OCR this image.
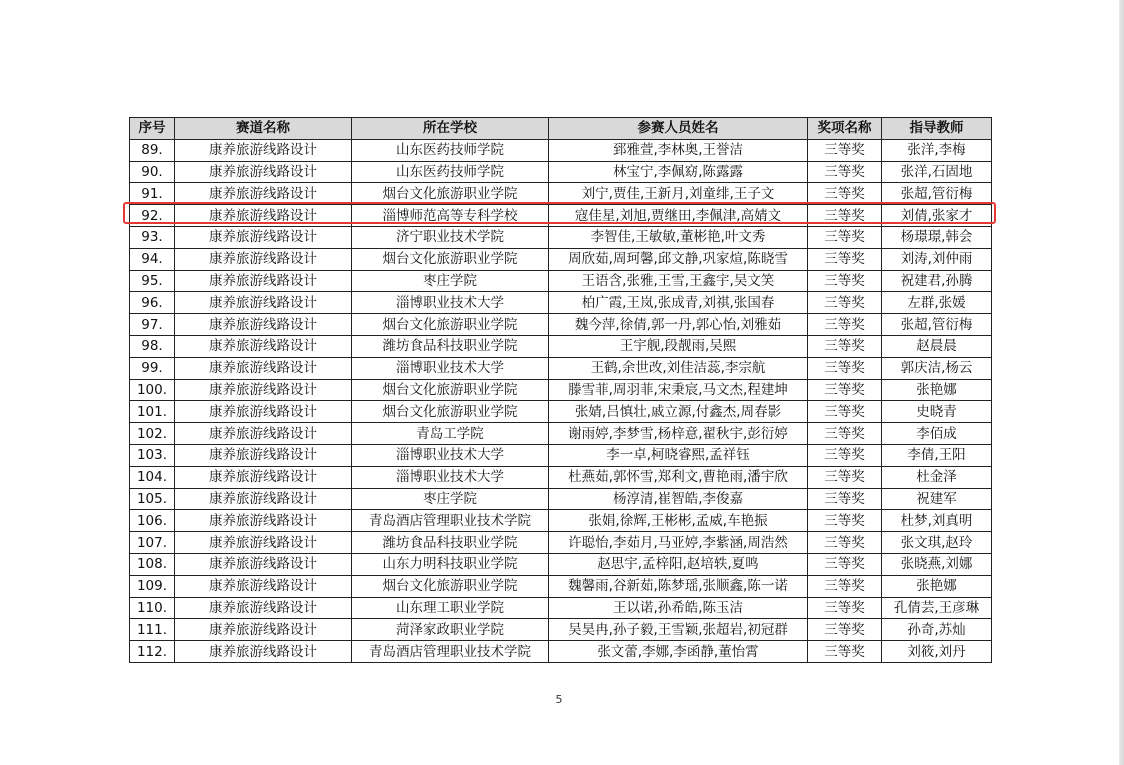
序号	赛道名称	所在学校	参赛人员姓名	奖项名称	指导教师
89.	康养旅游线路设计	山东医药技师学院	郅雅萱,李林奥,王誉洁	三等奖	张洋,李梅
90.	康养旅游线路设计	山东医药技师学院	林宝宁,李佩窈,陈露露	三等奖	张洋,石固地
91.	康养旅游线路设计	烟台文化旅游职业学院	刘宁,贾佳,王新月,刘童绯,王子文	三等奖	张超,管衍梅
92.	康养旅游线路设计	淄博师范高等专科学校	寇佳星,刘旭,贾继田,李佩津,高婧文	三等奖	刘倩,张家才
93.	康养旅游线路设计	济宁职业技术学院	李智佳,王敏敏,董彬艳,叶文秀	三等奖	杨璟璟,韩会
94.	康养旅游线路设计	烟台文化旅游职业学院	周欣茹,周珂馨,邱文静,巩家煊,陈晓雪	三等奖	刘涛,刘仲雨
95.	康养旅游线路设计	枣庄学院	王语含,张雅,王雪,王鑫宇,吴文笑	三等奖	祝建君,孙腾
96.	康养旅游线路设计	淄博职业技术大学	柏广霞,王岚,张成青,刘祺,张国春	三等奖	左群,张媛
97.	康养旅游线路设计	烟台文化旅游职业学院	魏今萍,徐倩,郭一丹,郭心怡,刘雅茹	三等奖	张超,管衍梅
98.	康养旅游线路设计	潍坊食品科技职业学院	王宇舰,段靓雨,吴熙	三等奖	赵晨晨
99.	康养旅游线路设计	淄博职业技术大学	王鹤,余世改,刘佳洁蕊,李宗航	三等奖	郭庆洁,杨云
100.	康养旅游线路设计	烟台文化旅游职业学院	滕雪菲,周羽菲,宋秉宸,马文杰,程建坤	三等奖	张艳娜
101.	康养旅游线路设计	烟台文化旅游职业学院	张婧,吕慎壮,戚立源,付鑫杰,周春影	三等奖	史晓青
102.	康养旅游线路设计	青岛工学院	谢雨婷,李梦雪,杨梓意,翟秋宇,彭衍婷	三等奖	李佰成
103.	康养旅游线路设计	淄博职业技术大学	李一卓,柯晓睿熙,孟祥钰	三等奖	李倩,王阳
104.	康养旅游线路设计	淄博职业技术大学	杜燕茹,郭怀雪,郑利文,曹艳雨,潘宇欣	三等奖	杜金泽
105.	康养旅游线路设计	枣庄学院	杨淳清,崔智皓,李俊嘉	三等奖	祝建军
106.	康养旅游线路设计	青岛酒店管理职业技术学院	张娟,徐辉,王彬彬,孟威,车艳振	三等奖	杜梦,刘真明
107.	康养旅游线路设计	潍坊食品科技职业学院	许聪怡,李茹月,马亚婷,李紫涵,周浩然	三等奖	张文琪,赵玲
108.	康养旅游线路设计	山东力明科技职业学院	赵思宇,孟梓阳,赵培轶,夏鸣	三等奖	张晓燕,刘娜
109.	康养旅游线路设计	烟台文化旅游职业学院	魏馨雨,谷新茹,陈梦瑶,张顺鑫,陈一诺	三等奖	张艳娜
110.	康养旅游线路设计	山东理工职业学院	王以诺,孙希皓,陈玉洁	三等奖	孔倩芸,王彦琳
111.	康养旅游线路设计	菏泽家政职业学院	吴昊冉,孙子毅,王雪颖,张超岩,初冠群	三等奖	孙奇,苏灿
112.	康养旅游线路设计	青岛酒店管理职业技术学院	张文蕾,李娜,李函静,董怡霄	三等奖	刘筱,刘丹
5
